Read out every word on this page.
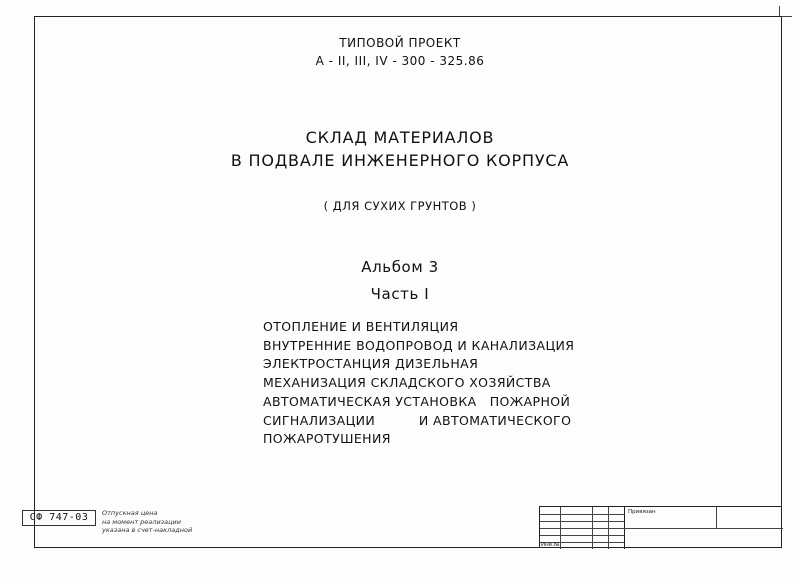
ТИПОВОЙ ПРОЕКТ
А - II, III, IV - 300 - 325.86
СКЛАД МАТЕРИАЛОВ
В ПОДВАЛЕ ИНЖЕНЕРНОГО КОРПУСА
( ДЛЯ СУХИХ ГРУНТОВ )
Альбом 3
Часть I
ОТОПЛЕНИЕ И ВЕНТИЛЯЦИЯ
ВНУТРЕННИЕ ВОДОПРОВОД И КАНАЛИЗАЦИЯ
ЭЛЕКТРОСТАНЦИЯ ДИЗЕЛЬНАЯ
МЕХАНИЗАЦИЯ СКЛАДСКОГО ХОЗЯЙСТВА
АВТОМАТИЧЕСКАЯ УСТАНОВКА   ПОЖАРНОЙ
СИГНАЛИЗАЦИИ          И АВТОМАТИЧЕСКОГО
ПОЖАРОТУШЕНИЯ
СФ 747-03	Отпускная цена
на момент реализации
указана в счет-накладной
Привязан
Инв.№
